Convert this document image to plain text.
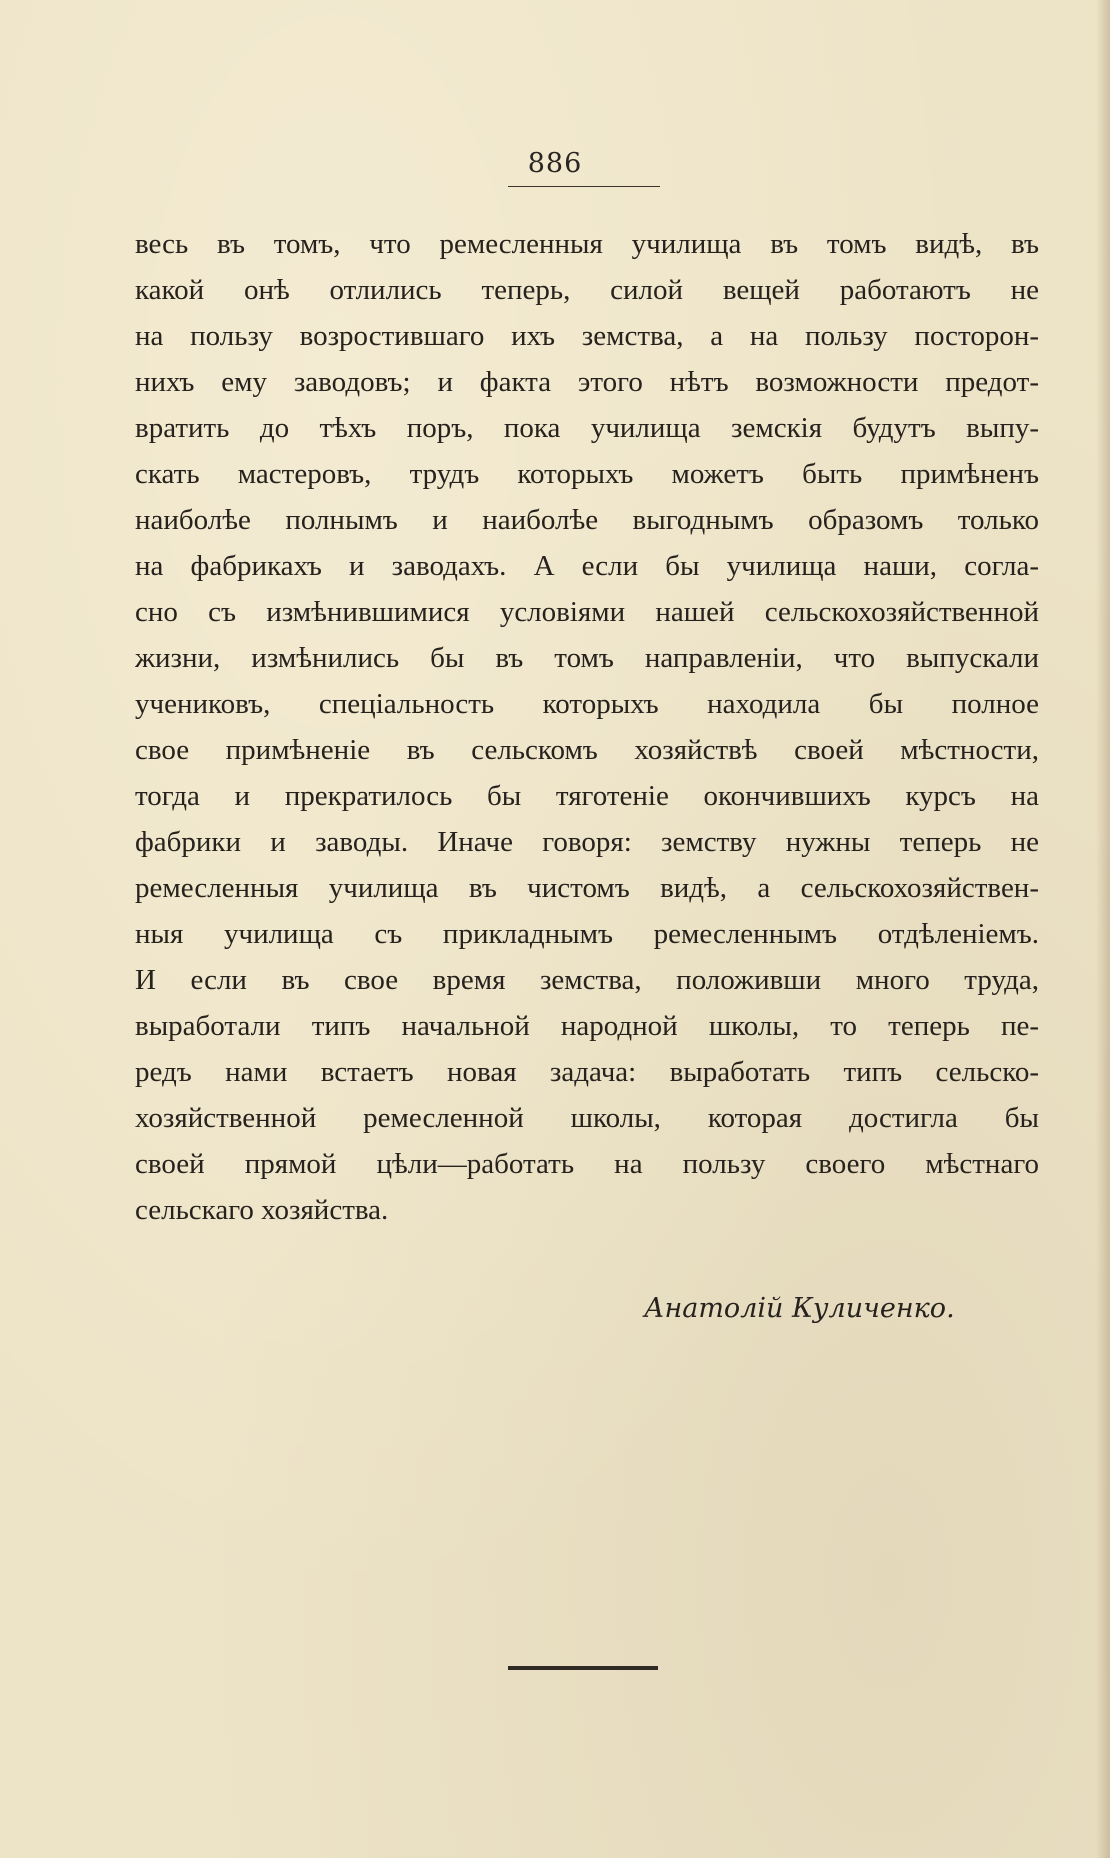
886
весь въ томъ, что ремесленныя училища въ томъ видѣ, въ
какой онѣ отлились теперь, силой вещей работаютъ не
на пользу возростившаго ихъ земства, а на пользу посторон-
нихъ ему заводовъ; и факта этого нѣтъ возможности предот-
вратить до тѣхъ поръ, пока училища земскія будутъ выпу-
скать мастеровъ, трудъ которыхъ можетъ быть примѣненъ
наиболѣе полнымъ и наиболѣе выгоднымъ образомъ только
на фабрикахъ и заводахъ. А если бы училища наши, согла-
сно съ измѣнившимися условіями нашей сельскохозяйственной
жизни, измѣнились бы въ томъ направленіи, что выпускали
учениковъ, спеціальность которыхъ находила бы полное
свое примѣненіе въ сельскомъ хозяйствѣ своей мѣстности,
тогда и прекратилось бы тяготеніе окончившихъ курсъ на
фабрики и заводы. Иначе говоря: земству нужны теперь не
ремесленныя училища въ чистомъ видѣ, а сельскохозяйствен-
ныя училища съ прикладнымъ ремесленнымъ отдѣленіемъ.
И если въ свое время земства, положивши много труда,
выработали типъ начальной народной школы, то теперь пе-
редъ нами встаетъ новая задача: выработать типъ сельско-
хозяйственной ремесленной школы, которая достигла бы
своей прямой цѣли—работать на пользу своего мѣстнаго
сельскаго хозяйства.
Анатолій Куличенко.
